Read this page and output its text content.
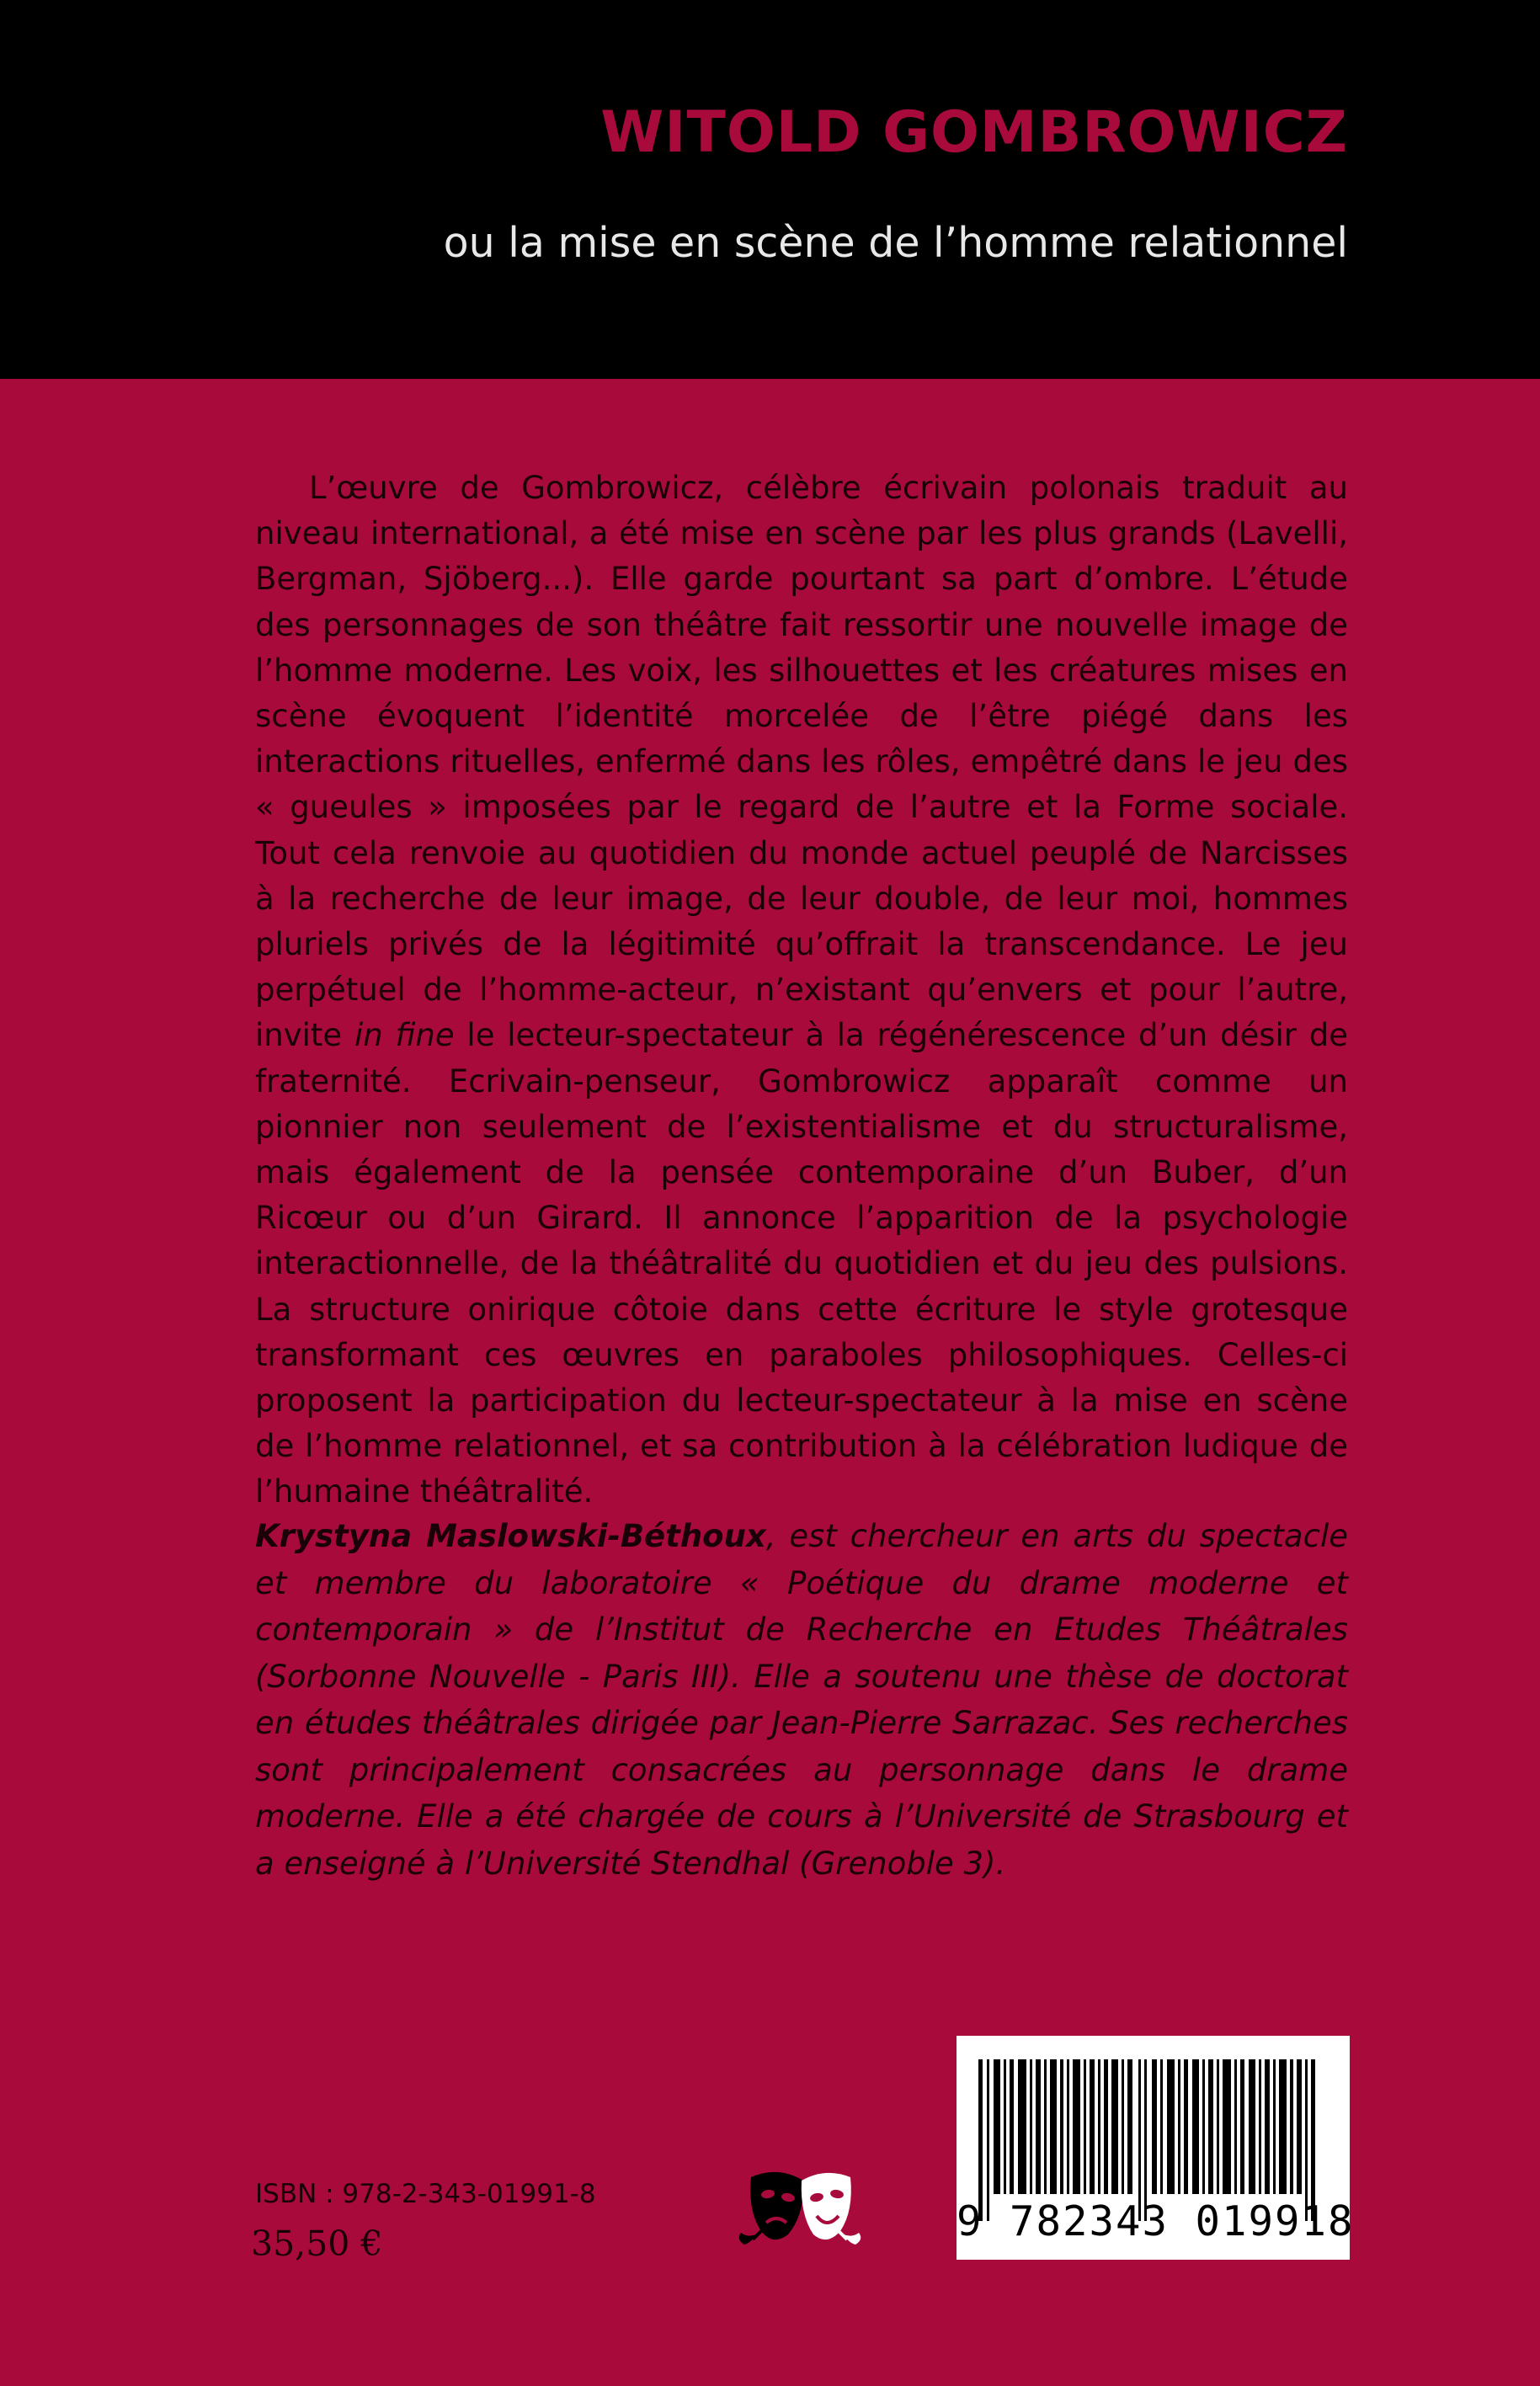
WITOLD GOMBROWICZ
ou la mise en scène de l’homme relationnel

L’œuvre de Gombrowicz, célèbre écrivain polonais traduit au niveau international, a été mise en scène par les plus grands (Lavelli, Bergman, Sjöberg...). Elle garde pourtant sa part d’ombre. L’étude des personnages de son théâtre fait ressortir une nouvelle image de l’homme moderne. Les voix, les silhouettes et les créatures mises en scène évoquent l’identité morcelée de l’être piégé dans les interactions rituelles, enfermé dans les rôles, empêtré dans le jeu des « gueules » imposées par le regard de l’autre et la Forme sociale. Tout cela renvoie au quotidien du monde actuel peuplé de Narcisses à la recherche de leur image, de leur double, de leur moi, hommes pluriels privés de la légitimité qu’offrait la transcendance. Le jeu perpétuel de l’homme-acteur, n’existant qu’envers et pour l’autre, invite in fine le lecteur-spectateur à la régénérescence d’un désir de fraternité. Ecrivain-penseur, Gombrowicz apparaît comme un pionnier non seulement de l’existentialisme et du structuralisme, mais également de la pensée contemporaine d’un Buber, d’un Ricœur ou d’un Girard. Il annonce l’apparition de la psychologie interactionnelle, de la théâtralité du quotidien et du jeu des pulsions. La structure onirique côtoie dans cette écriture le style grotesque transformant ces œuvres en paraboles philosophiques. Celles-ci proposent la participation du lecteur-spectateur à la mise en scène de l’homme relationnel, et sa contribution à la célébration ludique de l’humaine théâtralité.

Krystyna Maslowski-Béthoux, est chercheur en arts du spectacle et membre du laboratoire « Poétique du drame moderne et contemporain » de l’Institut de Recherche en Etudes Théâtrales (Sorbonne Nouvelle - Paris III). Elle a soutenu une thèse de doctorat en études théâtrales dirigée par Jean-Pierre Sarrazac. Ses recherches sont principalement consacrées au personnage dans le drame moderne. Elle a été chargée de cours à l’Université de Strasbourg et a enseigné à l’Université Stendhal (Grenoble 3).

ISBN : 978-2-343-01991-8
35,50 €	9 782343 019918
